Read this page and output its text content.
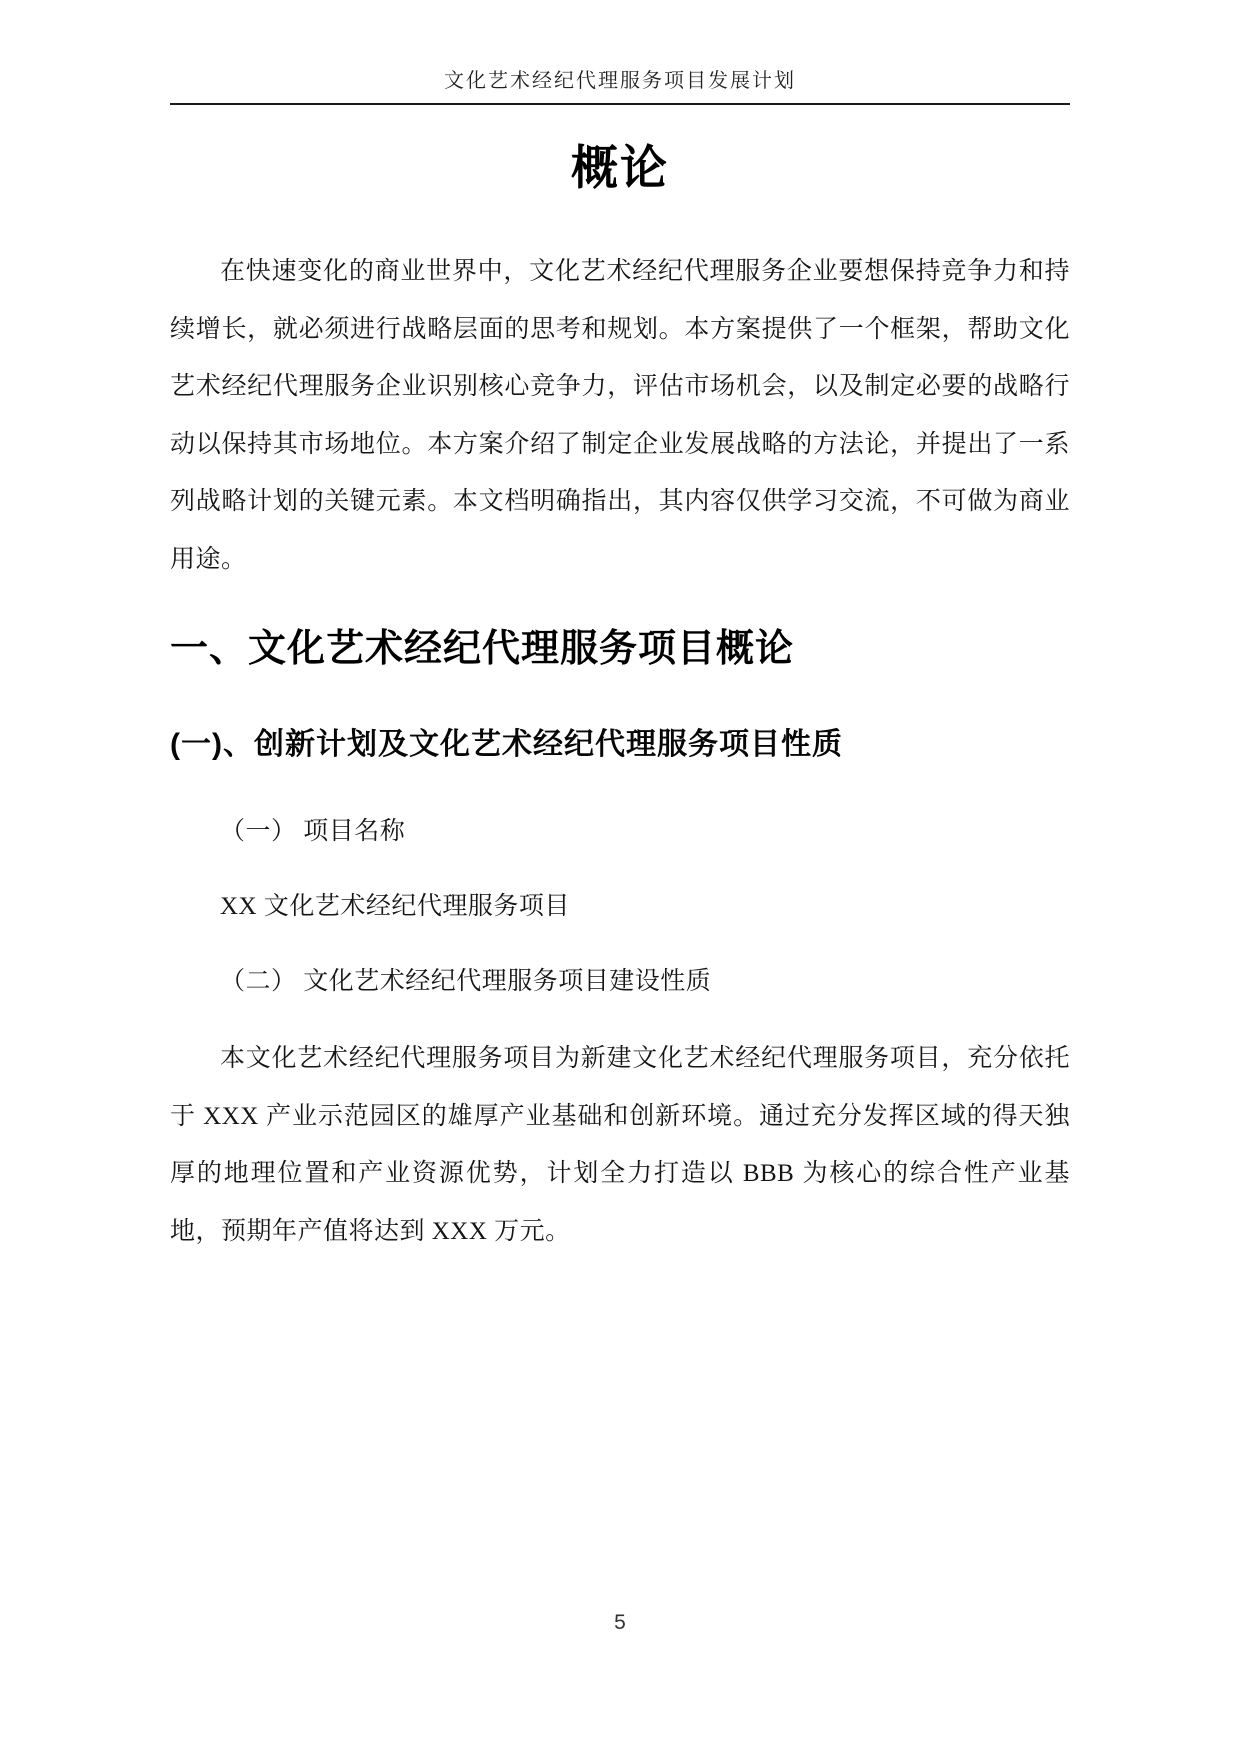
文化艺术经纪代理服务项目发展计划
概论

在快速变化的商业世界中，文化艺术经纪代理服务企业要想保持竞争力和持续增长，就必须进行战略层面的思考和规划。本方案提供了一个框架，帮助文化艺术经纪代理服务企业识别核心竞争力，评估市场机会，以及制定必要的战略行动以保持其市场地位。本方案介绍了制定企业发展战略的方法论，并提出了一系列战略计划的关键元素。本文档明确指出，其内容仅供学习交流，不可做为商业用途。

一、文化艺术经纪代理服务项目概论
(一)、创新计划及文化艺术经纪代理服务项目性质
（一） 项目名称
XX 文化艺术经纪代理服务项目
（二） 文化艺术经纪代理服务项目建设性质

本文化艺术经纪代理服务项目为新建文化艺术经纪代理服务项目，充分依托于 XXX 产业示范园区的雄厚产业基础和创新环境。通过充分发挥区域的得天独厚的地理位置和产业资源优势，计划全力打造以 BBB 为核心的综合性产业基地，预期年产值将达到 XXX 万元。

5
